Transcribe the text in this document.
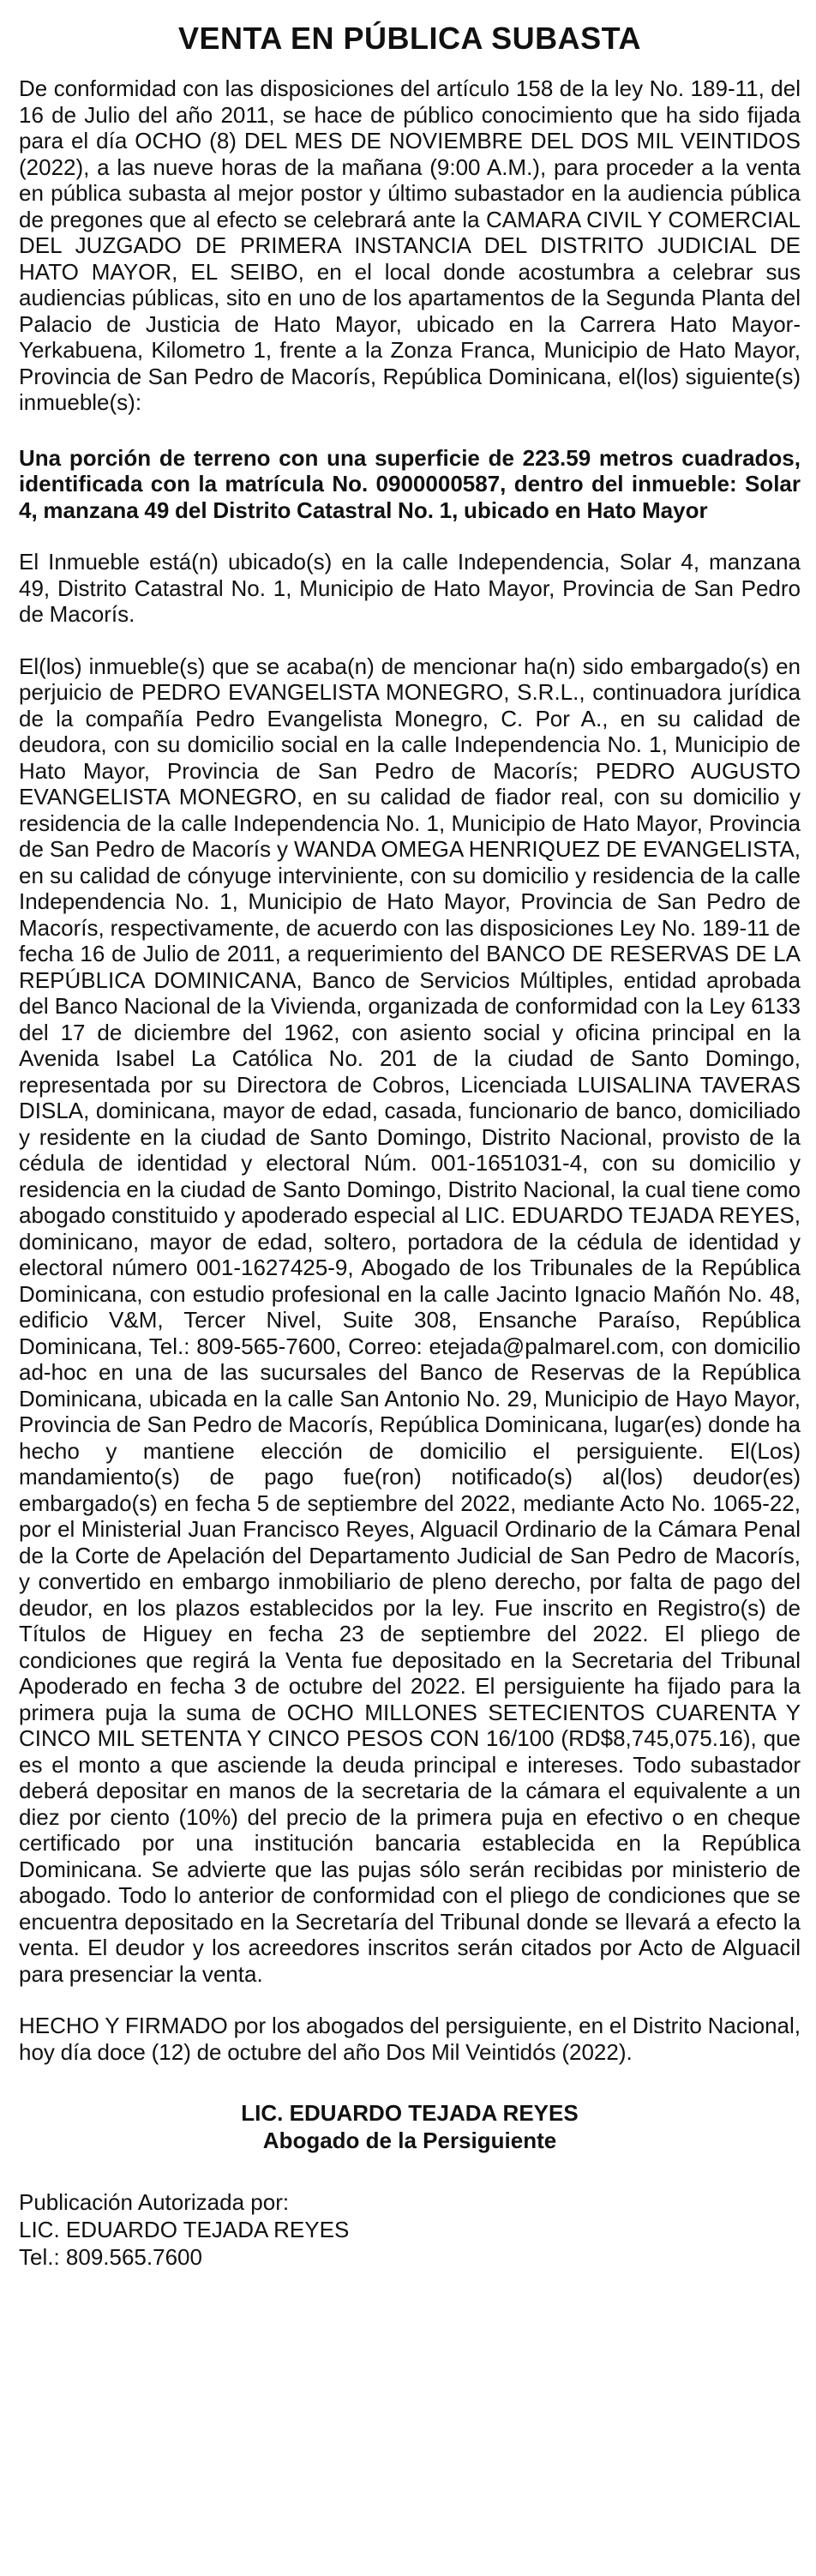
VENTA EN PÚBLICA SUBASTA

De conformidad con las disposiciones del artículo 158 de la ley No. 189-11, del 16 de Julio del año 2011, se hace de público conocimiento que ha sido fijada para el día OCHO (8) DEL MES DE NOVIEMBRE DEL DOS MIL VEINTIDOS (2022), a las nueve horas de la mañana (9:00 A.M.), para proceder a la venta en pública subasta al mejor postor y último subastador en la audiencia pública de pregones que al efecto se celebrará ante la CAMARA CIVIL Y COMERCIAL DEL JUZGADO DE PRIMERA INSTANCIA DEL DISTRITO JUDICIAL DE HATO MAYOR, EL SEIBO, en el local donde acostumbra a celebrar sus audiencias públicas, sito en uno de los apartamentos de la Segunda Planta del Palacio de Justicia de Hato Mayor, ubicado en la Carrera Hato Mayor-Yerkabuena, Kilometro 1, frente a la Zonza Franca, Municipio de Hato Mayor, Provincia de San Pedro de Macorís, República Dominicana, el(los) siguiente(s) inmueble(s):

Una porción de terreno con una superficie de 223.59 metros cuadrados, identificada con la matrícula No. 0900000587, dentro del inmueble: Solar 4, manzana 49 del Distrito Catastral No. 1, ubicado en Hato Mayor

El Inmueble está(n) ubicado(s) en la calle Independencia, Solar 4, manzana 49, Distrito Catastral No. 1, Municipio de Hato Mayor, Provincia de San Pedro de Macorís.

El(los) inmueble(s) que se acaba(n) de mencionar ha(n) sido embargado(s) en perjuicio de PEDRO EVANGELISTA MONEGRO, S.R.L., continuadora jurídica de la compañía Pedro Evangelista Monegro, C. Por A., en su calidad de deudora, con su domicilio social en la calle Independencia No. 1, Municipio de Hato Mayor, Provincia de San Pedro de Macorís; PEDRO AUGUSTO EVANGELISTA MONEGRO, en su calidad de fiador real, con su domicilio y residencia de la calle Independencia No. 1, Municipio de Hato Mayor, Provincia de San Pedro de Macorís y WANDA OMEGA HENRIQUEZ DE EVANGELISTA, en su calidad de cónyuge interviniente, con su domicilio y residencia de la calle Independencia No. 1, Municipio de Hato Mayor, Provincia de San Pedro de Macorís, respectivamente, de acuerdo con las disposiciones Ley No. 189-11 de fecha 16 de Julio de 2011, a requerimiento del BANCO DE RESERVAS DE LA REPÚBLICA DOMINICANA, Banco de Servicios Múltiples, entidad aprobada del Banco Nacional de la Vivienda, organizada de conformidad con la Ley 6133 del 17 de diciembre del 1962, con asiento social y oficina principal en la Avenida Isabel La Católica No. 201 de la ciudad de Santo Domingo, representada por su Directora de Cobros, Licenciada LUISALINA TAVERAS DISLA, dominicana, mayor de edad, casada, funcionario de banco, domiciliado y residente en la ciudad de Santo Domingo, Distrito Nacional, provisto de la cédula de identidad y electoral Núm. 001-1651031-4, con su domicilio y residencia en la ciudad de Santo Domingo, Distrito Nacional, la cual tiene como abogado constituido y apoderado especial al LIC. EDUARDO TEJADA REYES, dominicano, mayor de edad, soltero, portadora de la cédula de identidad y electoral número 001-1627425-9, Abogado de los Tribunales de la República Dominicana, con estudio profesional en la calle Jacinto Ignacio Mañón No. 48, edificio V&M, Tercer Nivel, Suite 308, Ensanche Paraíso, República Dominicana, Tel.: 809-565-7600, Correo: etejada@palmarel.com, con domicilio ad-hoc en una de las sucursales del Banco de Reservas de la República Dominicana, ubicada en la calle San Antonio No. 29, Municipio de Hayo Mayor, Provincia de San Pedro de Macorís, República Dominicana, lugar(es) donde ha hecho y mantiene elección de domicilio el persiguiente. El(Los) mandamiento(s) de pago fue(ron) notificado(s) al(los) deudor(es) embargado(s) en fecha 5 de septiembre del 2022, mediante Acto No. 1065-22, por el Ministerial Juan Francisco Reyes, Alguacil Ordinario de la Cámara Penal de la Corte de Apelación del Departamento Judicial de San Pedro de Macorís, y convertido en embargo inmobiliario de pleno derecho, por falta de pago del deudor, en los plazos establecidos por la ley. Fue inscrito en Registro(s) de Títulos de Higuey en fecha 23 de septiembre del 2022. El pliego de condiciones que regirá la Venta fue depositado en la Secretaria del Tribunal Apoderado en fecha 3 de octubre del 2022. El persiguiente ha fijado para la primera puja la suma de OCHO MILLONES SETECIENTOS CUARENTA Y CINCO MIL SETENTA Y CINCO PESOS CON 16/100 (RD$8,745,075.16), que es el monto a que asciende la deuda principal e intereses. Todo subastador deberá depositar en manos de la secretaria de la cámara el equivalente a un diez por ciento (10%) del precio de la primera puja en efectivo o en cheque certificado por una institución bancaria establecida en la República Dominicana. Se advierte que las pujas sólo serán recibidas por ministerio de abogado. Todo lo anterior de conformidad con el pliego de condiciones que se encuentra depositado en la Secretaría del Tribunal donde se llevará a efecto la venta. El deudor y los acreedores inscritos serán citados por Acto de Alguacil para presenciar la venta.

HECHO Y FIRMADO por los abogados del persiguiente, en el Distrito Nacional, hoy día doce (12) de octubre del año Dos Mil Veintidós (2022).

LIC. EDUARDO TEJADA REYES
Abogado de la Persiguiente
Publicación Autorizada por:
LIC. EDUARDO TEJADA REYES
Tel.: 809.565.7600
